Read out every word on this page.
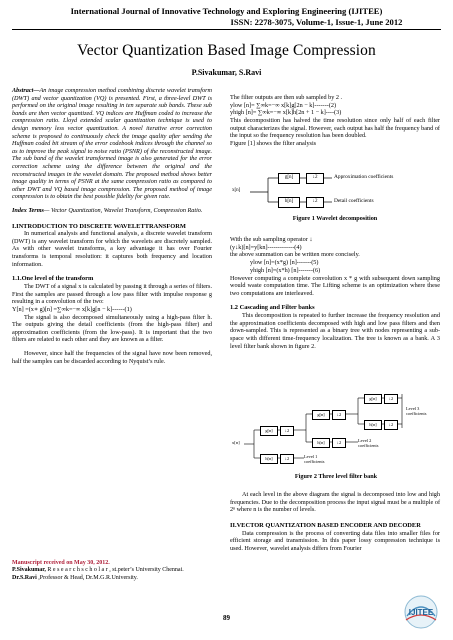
International Journal of Innovative Technology and Exploring Engineering (IJITEE)
ISSN: 2278-3075, Volume-1, Issue-1, June 2012
Vector Quantization Based Image Compression
P.Sivakumar, S.Ravi
Abstract—An image compression method combining discrete wavelet transform (DWT) and vector quantization (VQ) is presented. First, a three-level DWT is performed on the original image resulting in ten separate sub bands. These sub bands are then vector quantized. VQ indices are Huffman coded to increase the compression ratio. Lloyd extended scalar quantization technique is used to design memory less vector quantization. A novel iterative error correction scheme is proposed to continuously check the image quality after sending the Huffman coded bit stream of the error codebook indices through the channel so as to improve the peak signal to noise ratio (PSNR) of the reconstructed image. The sub band of the wavelet transformed image is also generated for the error correction scheme using the difference between the original and the reconstructed images in the wavelet domain. The proposed method shows better image quality in terms of PSNR at the same compression ratio as compared to other DWT and VQ based image compression. The proposed method of image compression is to obtain the best possible fidelity for given rate.
Index Terms— Vector Quantization, Wavelet Transform, Compression Ratio.
I.INTRODUCTION TO DISCRETE WAVELETTRANSFORM
In numerical analysis and functional analysis, a discrete wavelet transform (DWT) is any wavelet transform for which the wavelets are discretely sampled. As with other wavelet transforms, a key advantage it has over Fourier transforms is temporal resolution: it captures both frequency and location information.
1.1.One level of the transform
The DWT of a signal x is calculated by passing it through a series of filters. First the samples are passed through a low pass filter with impulse response g resulting in a convolution of the two:
Y[n] =(x∗ g)[n] =∑∞k=−∞ x[k]g[n − k]------(1)
The signal is also decomposed simultaneously using a high-pass filter h. The outputs giving the detail coefficients (from the high-pass filter) and approximation coefficients (from the low-pass). It is important that the two filters are related to each other and they are known as a filter.
However, since half the frequencies of the signal have now been removed, half the samples can be discarded according to Nyquist’s rule.
Manuscript received on May 30, 2012.
P.Sivakumar, R e s e a r c h s c h o l a r , st.peter’s University Chennai.
Dr.S.Ravi ,Professor & Head, Dr.M.G.R.University.
The filter outputs are then sub sampled by 2 .
ylow [n]= ∑∞k=−∞ x[k]g[2n − k]-------(2)
yhigh [n]= ∑∞k=−∞ x[k]h[2n + 1 − k]----(3)
This decomposition has halved the time resolution since only half of each filter output characterizes the signal. However, each output has half the frequency band of the input so the frequency resolution has been doubled.
Figure [1] shows the filter analysis
x[n]
g[n]
h[n]
↓2
↓2
Approximation coefficients
Detail coefficients
Figure 1 Wavelet decomposition
With the sub sampling operator ↓
(y↓k)[n]=y[kn]-------------(4)
the above summation can be written more concisely.
ylow [n]=(x*g) [n]-------(5)
yhigh [n]=(x*h) [n]-------(6)
However computing a complete convolution x * g with subsequent down sampling would waste computation time. The Lifting scheme is an optimization where these two computations are interleaved.
1.2 Cascading and Filter banks
This decomposition is repeated to further increase the frequency resolution and the approximation coefficients decomposed with high and low pass filters and then down-sampled. This is represented as a binary tree with nodes representing a sub-space with different time-frequency localization. The tree is known as a bank. A 3 level filter bank shown in figure 2.
x[n]
g[n]
h[n]
↓2
↓2
g[n]
h[n]
↓2
↓2
g[n]
h[n]
↓2
↓2
Level 3 coefficients
Level 2 coefficients
Level 1 coefficients
Figure 2 Three level filter bank
At each level in the above diagram the signal is decomposed into low and high frequencies. Due to the decomposition process the input signal must be a multiple of 2ⁿ where n is the number of levels.
II.VECTOR QUANTIZATION BASED ENCODER AND DECODER
Data compression is the process of converting data files into smaller files for efficient storage and transmission. In this paper lossy compression technique is used. However, wavelet analysis differs from Fourier
89
IJITEE
